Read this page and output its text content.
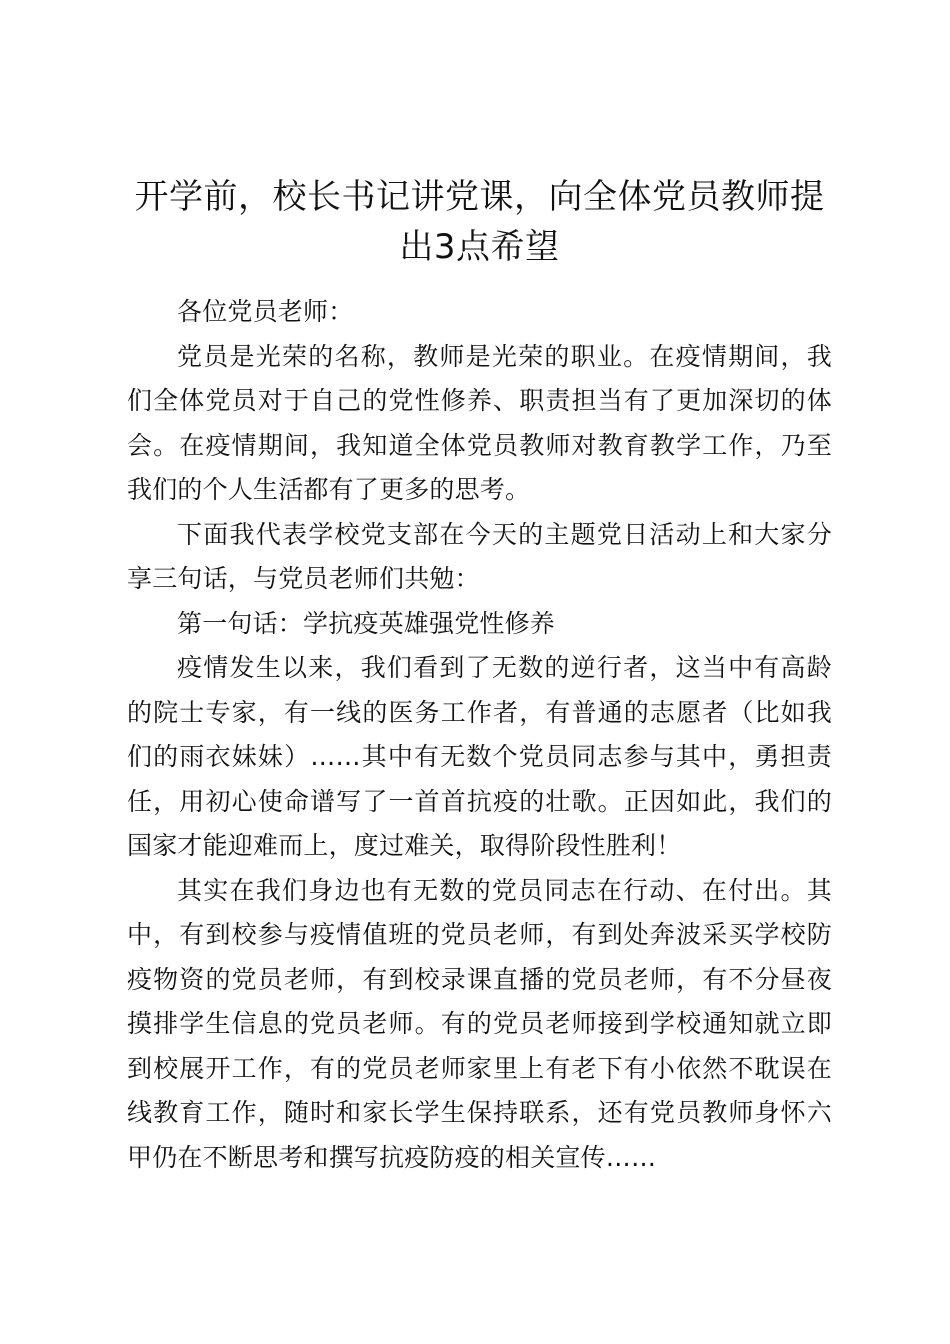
开学前，校长书记讲党课，向全体党员教师提出3点希望

各位党员老师：

党员是光荣的名称，教师是光荣的职业。在疫情期间，我们全体党员对于自己的党性修养、职责担当有了更加深切的体会。在疫情期间，我知道全体党员教师对教育教学工作，乃至我们的个人生活都有了更多的思考。

下面我代表学校党支部在今天的主题党日活动上和大家分享三句话，与党员老师们共勉：

第一句话：学抗疫英雄强党性修养

疫情发生以来，我们看到了无数的逆行者，这当中有高龄的院士专家，有一线的医务工作者，有普通的志愿者（比如我们的雨衣妹妹）……其中有无数个党员同志参与其中，勇担责任，用初心使命谱写了一首首抗疫的壮歌。正因如此，我们的国家才能迎难而上，度过难关，取得阶段性胜利！

其实在我们身边也有无数的党员同志在行动、在付出。其中，有到校参与疫情值班的党员老师，有到处奔波采买学校防疫物资的党员老师，有到校录课直播的党员老师，有不分昼夜摸排学生信息的党员老师。有的党员老师接到学校通知就立即到校展开工作，有的党员老师家里上有老下有小依然不耽误在线教育工作，随时和家长学生保持联系，还有党员教师身怀六甲仍在不断思考和撰写抗疫防疫的相关宣传……
